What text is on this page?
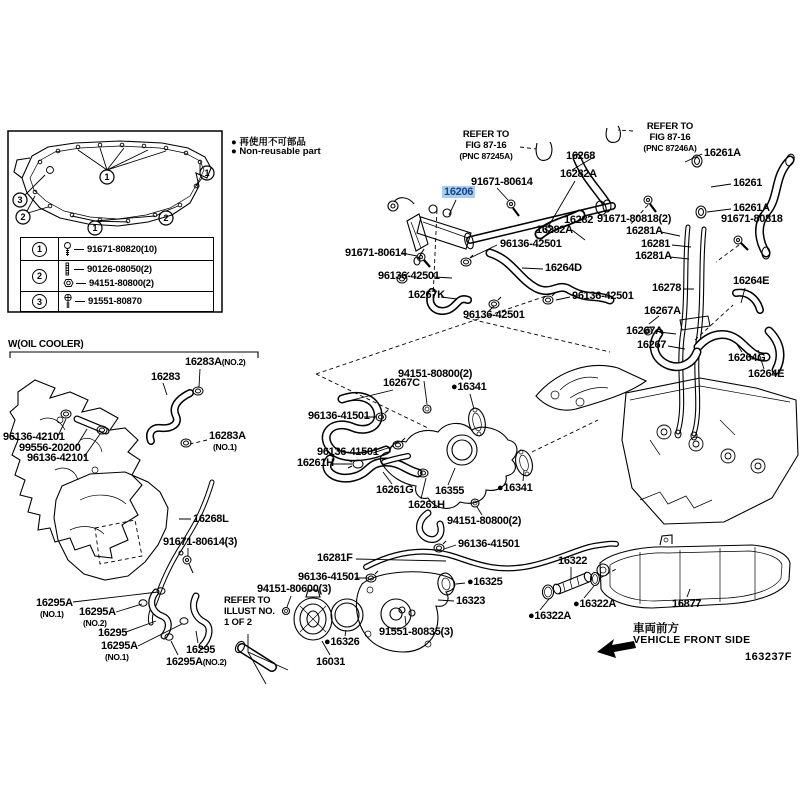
1	1
1
2	2
3
● 再使用不可部品
● Non-reusable part
1	91671-80820(10)
2
90126-08050(2)
94151-80800(2)
3	91551-80870
REFER TO
FIG 87-16
(PNC 87245A)
REFER TO
FIG 87-16
(PNC 87246A)
REFER TO
ILLUST NO.
1 OF 2
W(OIL COOLER)
車両前方
VEHICLE FRONT SIDE
163237F
16268
16282A
16261A
16261
16206
91671-80614
16282 91671-80818(2)
16281A
16282A
16281
16281A
16261A
91671-80818
91671-80614
96136-42501
96136-42501
16264D
16267K
96136-42501
96136-42501
16278
16264E
16267A
16267A
16267
16264G
16264E
94151-80800(2)
16267C	●16341
96136-41501
96136-41501
16261H
16261G 16355
16261H
●16341
94151-80800(2)
16281F
96136-41501
96136-41501
94151-80600(3)
●16325
16323
91551-80835(3)
●16326
16031
16322
●16322A
●16322A
16877
16283A(NO.2)
16283
96136-42101
99556-20200
96136-42101
16283A
(NO.1)
16268L
91671-80614(3)
16295A
(NO.1)	16295A
(NO.2)
16295
16295A
(NO.1)
16295
16295A(NO.2)
